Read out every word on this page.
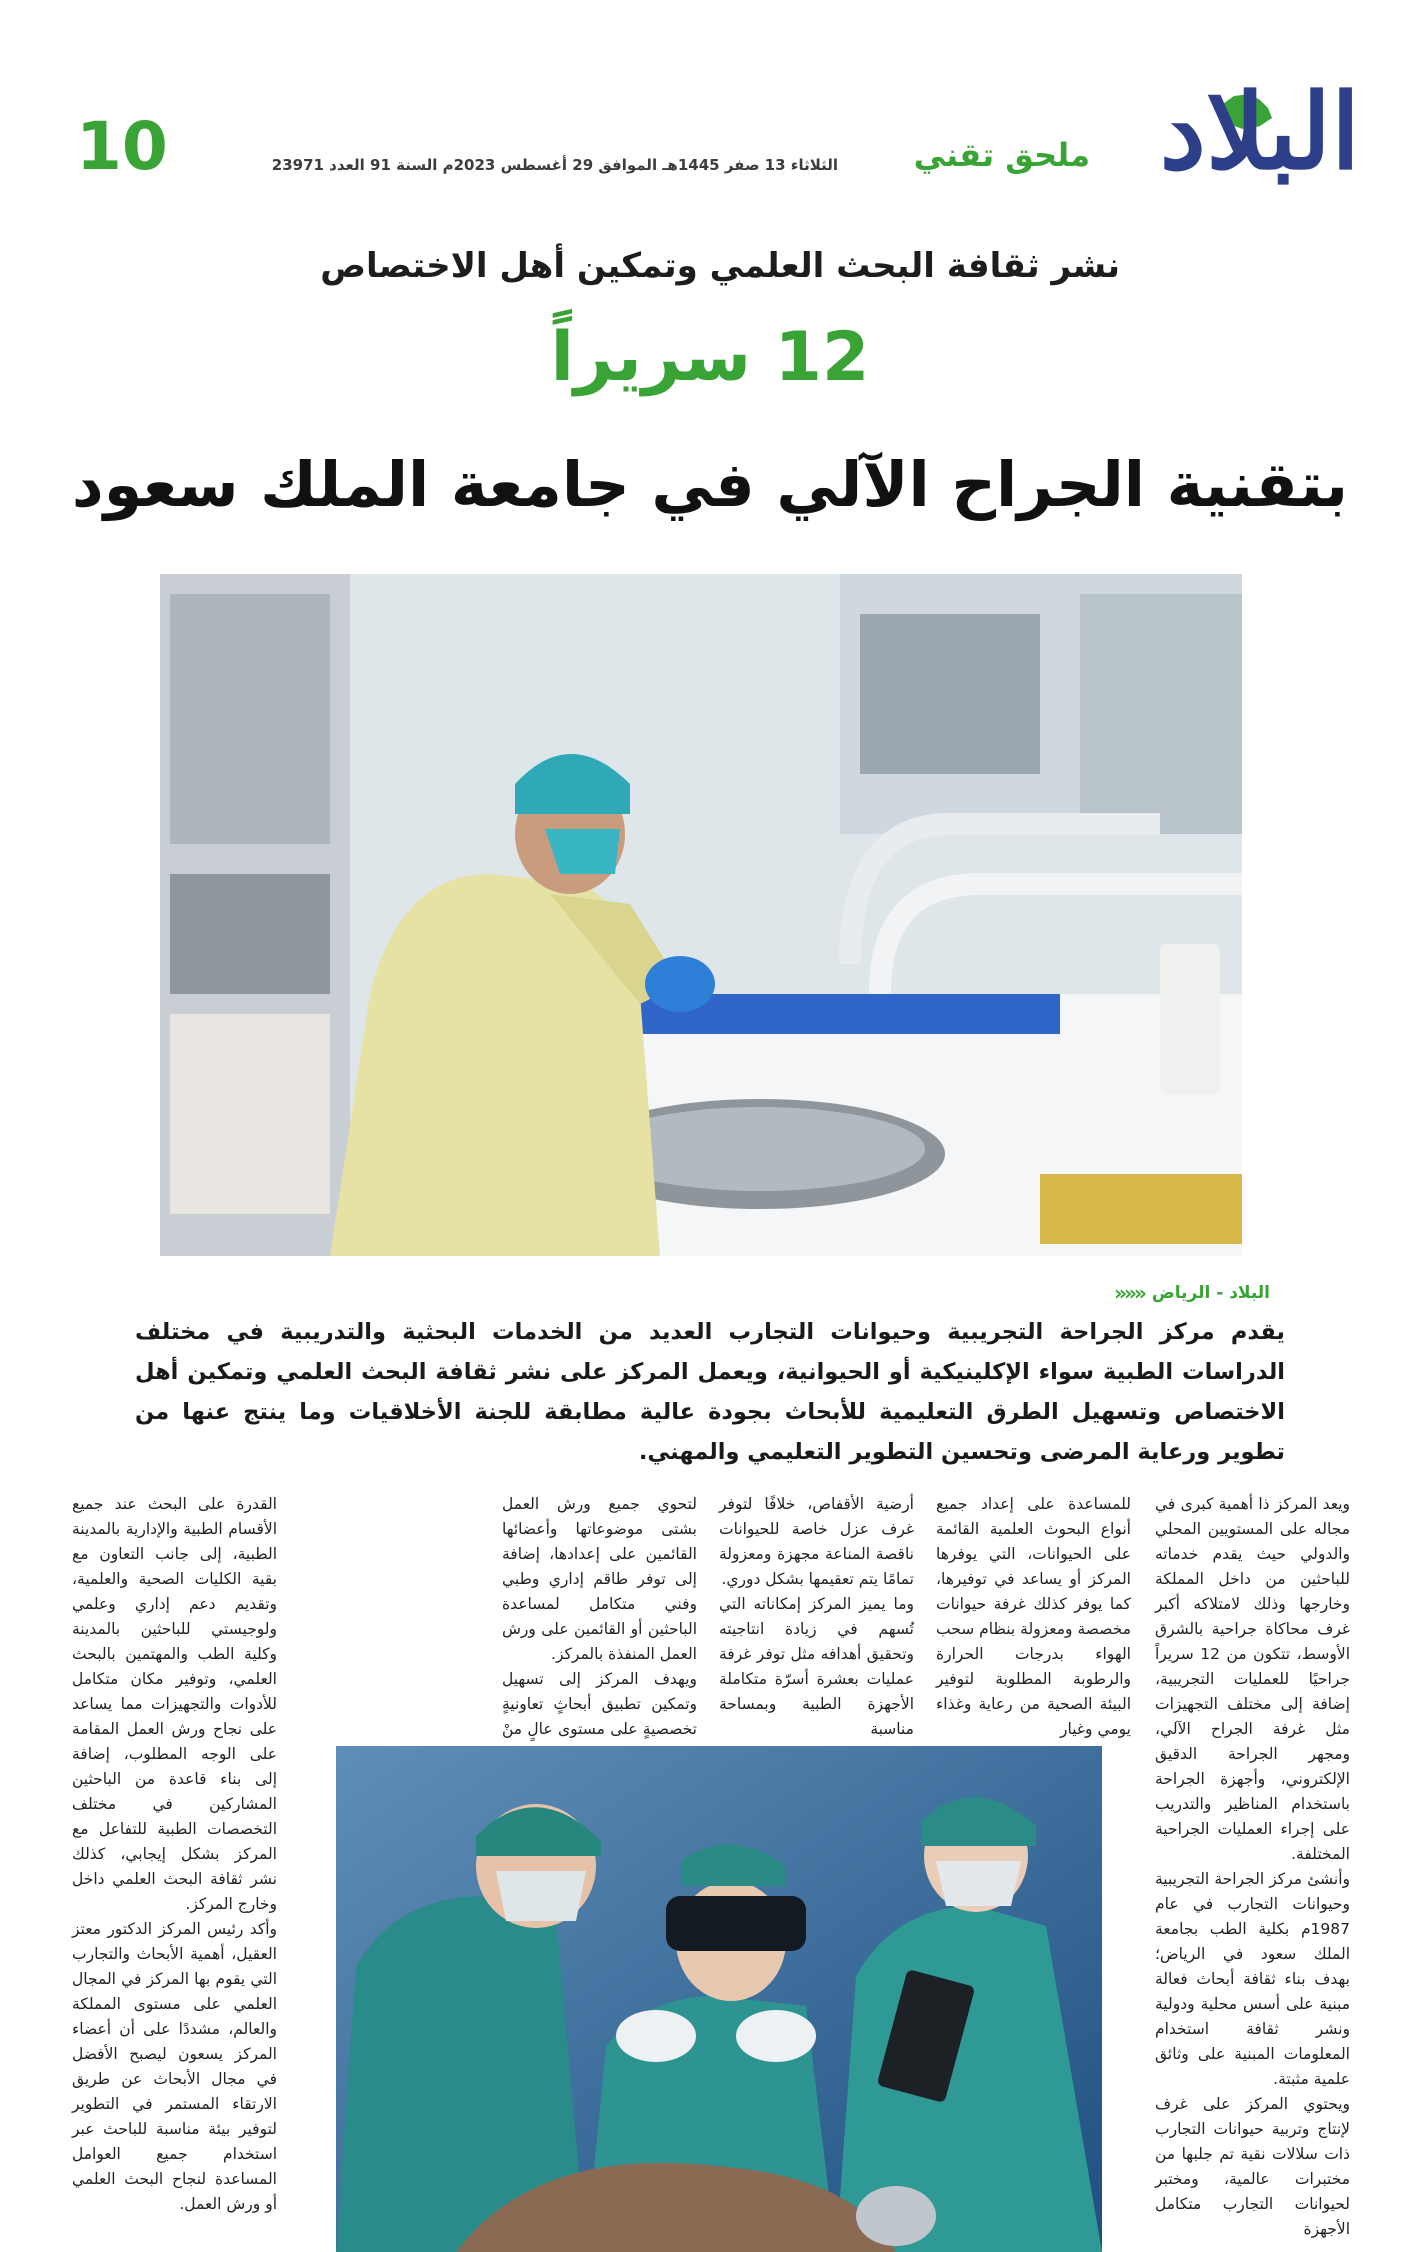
البلاد
ملحق تقني
الثلاثاء 13 صفر 1445هـ الموافق 29 أغسطس 2023م السنة 91 العدد 23971
10
نشر ثقافة البحث العلمي وتمكين أهل الاختصاص
12 سريراً
بتقنية الجراح الآلي في جامعة الملك سعود
البلاد - الرياض
«««
يقدم مركز الجراحة التجريبية وحيوانات التجارب العديد من الخدمات البحثية والتدريبية في مختلف الدراسات الطبية سواء الإكلينيكية أو الحيوانية، ويعمل المركز على نشر ثقافة البحث العلمي وتمكين أهل الاختصاص وتسهيل الطرق التعليمية للأبحاث بجودة عالية مطابقة للجنة الأخلاقيات وما ينتج عنها من تطوير ورعاية المرضى وتحسين التطوير التعليمي والمهني.

ويعد المركز ذا أهمية كبرى في مجاله على المستويين المحلي والدولي حيث يقدم خدماته للباحثين من داخل المملكة وخارجها وذلك لامتلاكه أكبر غرف محاكاة جراحية بالشرق الأوسط، تتكون من 12 سريراً جراحيًا للعمليات التجريبية، إضافة إلى مختلف التجهيزات مثل غرفة الجراح الآلي، ومجهر الجراحة الدقيق الإلكتروني، وأجهزة الجراحة باستخدام المناظير والتدريب على إجراء العمليات الجراحية المختلفة.

وأنشئ مركز الجراحة التجريبية وحيوانات التجارب في عام 1987م بكلية الطب بجامعة الملك سعود في الرياض؛ بهدف بناء ثقافة أبحاث فعالة مبنية على أسس محلية ودولية ونشر ثقافة استخدام المعلومات المبنية على وثائق علمية مثبتة.

ويحتوي المركز على غرف لإنتاج وتربية حيوانات التجارب ذات سلالات نقية تم جلبها من مختبرات عالمية، ومختبر لحيوانات التجارب متكامل الأجهزة

للمساعدة على إعداد جميع أنواع البحوث العلمية القائمة على الحيوانات، التي يوفرها المركز أو يساعد في توفيرها، كما يوفر كذلك غرفة حيوانات مخصصة ومعزولة بنظام سحب الهواء بدرجات الحرارة والرطوبة المطلوبة لتوفير البيئة الصحية من رعاية وغذاء يومي وغيار

أرضية الأقفاص، خلافًا لتوفر غرف عزل خاصة للحيوانات ناقصة المناعة مجهزة ومعزولة تمامًا يتم تعقيمها بشكل دوري.

وما يميز المركز إمكاناته التي تُسهم في زيادة انتاجيته وتحقيق أهدافه مثل توفر غرفة عمليات بعشرة أسرّة متكاملة الأجهزة الطبية وبمساحة مناسبة

لتحوي جميع ورش العمل بشتى موضوعاتها وأعضائها القائمين على إعدادها، إضافة إلى توفر طاقم إداري وطبي وفني متكامل لمساعدة الباحثين أو القائمين على ورش العمل المنفذة بالمركز.

ويهدف المركز إلى تسهيل وتمكين تطبيق أبحاثٍ تعاونيةٍ تخصصيةٍ على مستوى عالٍ منْ

القدرة على البحث عند جميع الأقسام الطبية والإدارية بالمدينة الطبية، إلى جانب التعاون مع بقية الكليات الصحية والعلمية، وتقديم دعم إداري وعلمي ولوجيستي للباحثين بالمدينة وكلية الطب والمهتمين بالبحث العلمي، وتوفير مكان متكامل للأدوات والتجهيزات مما يساعد على نجاح ورش العمل المقامة على الوجه المطلوب، إضافة إلى بناء قاعدة من الباحثين المشاركين في مختلف التخصصات الطبية للتفاعل مع المركز بشكل إيجابي، كذلك نشر ثقافة البحث العلمي داخل وخارج المركز.

وأكد رئيس المركز الدكتور معتز العقيل، أهمية الأبحاث والتجارب التي يقوم بها المركز في المجال العلمي على مستوى المملكة والعالم، مشددًا على أن أعضاء المركز يسعون ليصبح الأفضل في مجال الأبحاث عن طريق الارتقاء المستمر في التطوير لتوفير بيئة مناسبة للباحث عبر استخدام جميع العوامل المساعدة لنجاح البحث العلمي أو ورش العمل.
